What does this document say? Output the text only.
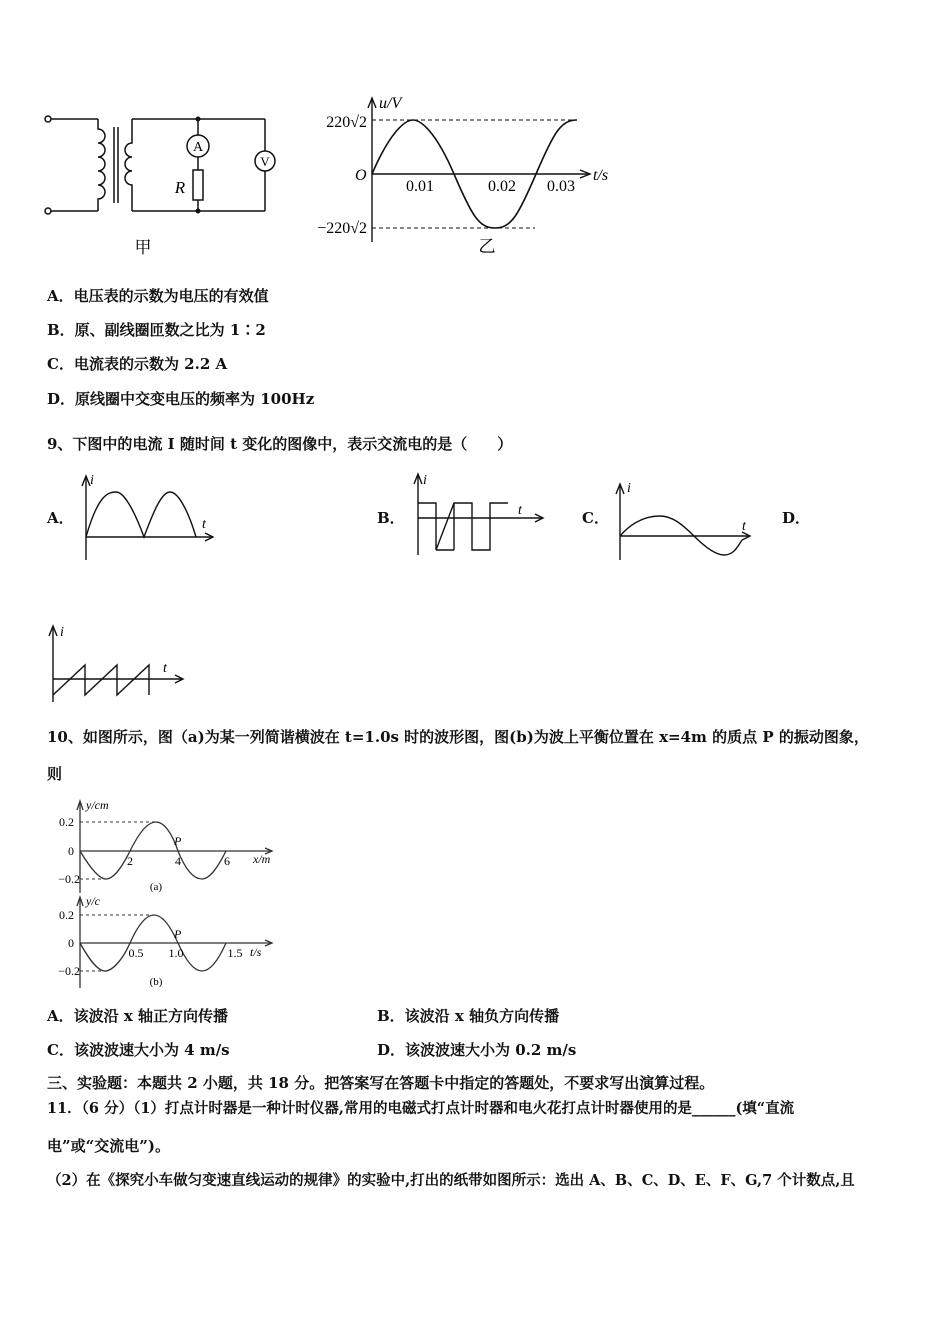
A
V
R
甲
u/V
t/s
O
220√2
−220√2
0.01	0.02 0.03
乙
A．电压表的示数为电压的有效值
B．原、副线圈匝数之比为 1∶2
C．电流表的示数为 2.2 A
D．原线圈中交变电压的频率为 100Hz
9、下图中的电流 I 随时间 t 变化的图像中，表示交流电的是（　　）
A．
i
t	B．
i
t	C．
i
t D．
i
t
10、如图所示，图（a)为某一列简谐横波在 t=1.0s 时的波形图，图(b)为波上平衡位置在 x=4m 的质点 P 的振动图象，
则
y/cm
x/m
0.2
0
−0.2
2	4	6
P
(a)
y/c
t/s
0.2
0
−0.2
0.5 1.0	1.5
P
(b)
A．该波沿 x 轴正方向传播	B．该波沿 x 轴负方向传播
C．该波波速大小为 4 m/s	D．该波波速大小为 0.2 m/s
三、实验题：本题共 2 小题，共 18 分。把答案写在答题卡中指定的答题处，不要求写出演算过程。
11．（6 分）（1）打点计时器是一种计时仪器,常用的电磁式打点计时器和电火花打点计时器使用的是______(填“直流
电”或“交流电”)。
（2）在《探究小车做匀变速直线运动的规律》的实验中,打出的纸带如图所示：选出 A、B、C、D、E、F、G,7 个计数点,且
